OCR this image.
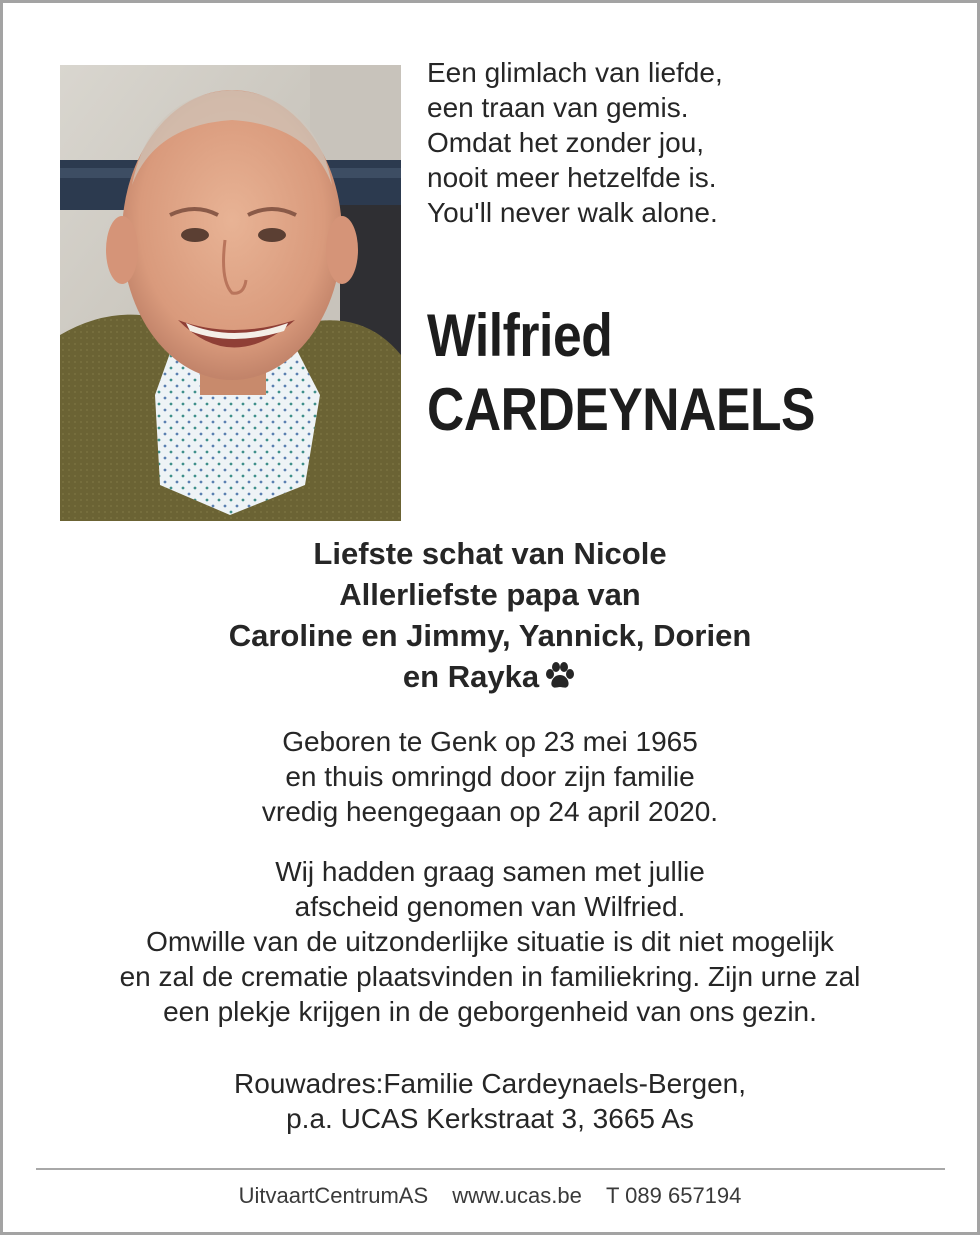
Een glimlach van liefde,
een traan van gemis.
Omdat het zonder jou,
nooit meer hetzelfde is.
You'll never walk alone.
Wilfried
CARDEYNAELS
Liefste schat van Nicole
Allerliefste papa van
Caroline en Jimmy, Yannick, Dorien
en Rayka
Geboren te Genk op 23 mei 1965
en thuis omringd door zijn familie
vredig heengegaan op 24 april 2020.
Wij hadden graag samen met jullie
afscheid genomen van Wilfried.
Omwille van de uitzonderlijke situatie is dit niet mogelijk
en zal de crematie plaatsvinden in familiekring. Zijn urne zal
een plekje krijgen in de geborgenheid van ons gezin.
Rouwadres:Familie Cardeynaels-Bergen,
p.a. UCAS Kerkstraat 3, 3665 As
UitvaartCentrumAS www.ucas.be T 089 657194
